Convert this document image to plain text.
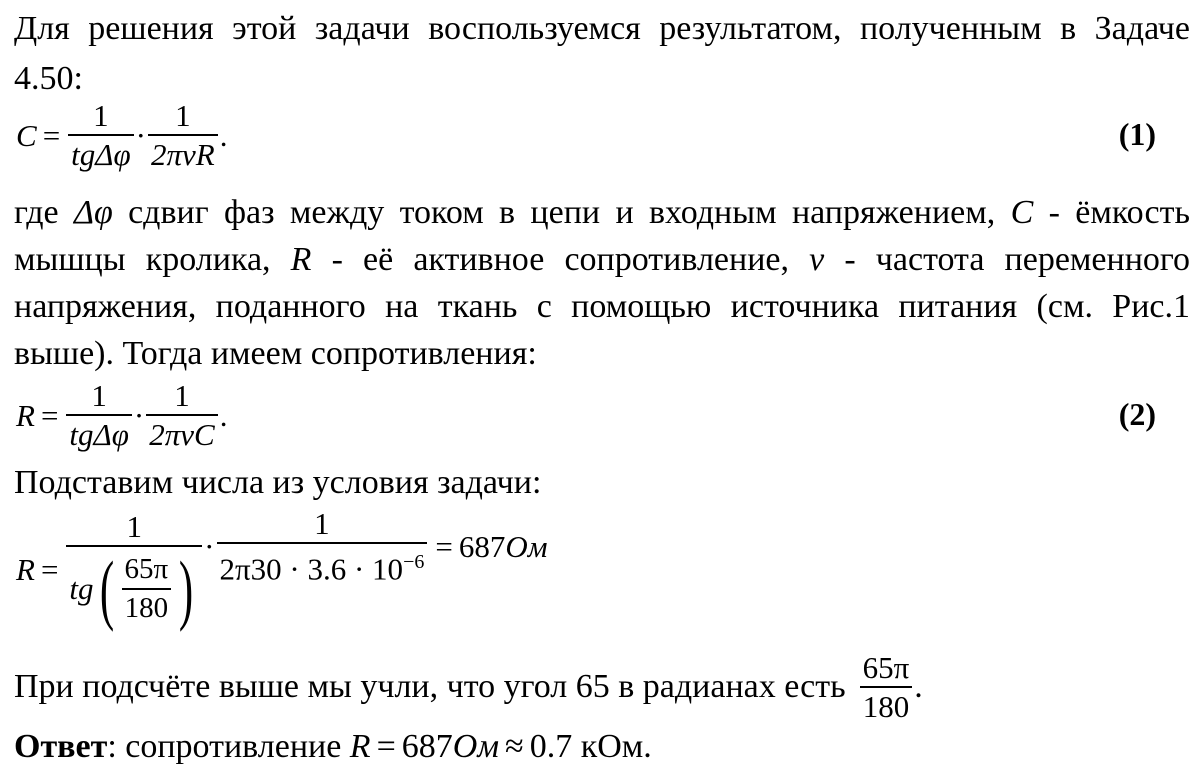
Для решения этой задачи воспользуемся результатом, полученным в Задаче
4.50:
$C = \frac{1}{\text{tgΔφ}} \cdot \frac{1}{\text{2πνR}}$ .	(1)
где Δφ сдвиг фаз между током в цепи и входным напряжением, C - ёмкость
мышцы кролика, R - её активное сопротивление, ν - частота переменного
напряжения, поданного на ткань с помощью источника питания (см. Рис.1
выше). Тогда имеем сопротивления:
$R = \frac{1}{\text{tgΔφ}} \cdot \frac{1}{\text{2πνC}}$ .	(2)
Подставим числа из условия задачи:
$R = \frac{1}{tg ( \frac{65\pi}{180} )} \cdot \frac{1}{2\pi 30 \cdot 3.6 \cdot 10^{-6}} = 687$ Ом
При подсчёте выше мы учли, что угол 65 в радианах есть $\frac{65\pi}{180}$ .
Ответ: сопротивление R = 687Ом ≈ 0.7 кОм.
